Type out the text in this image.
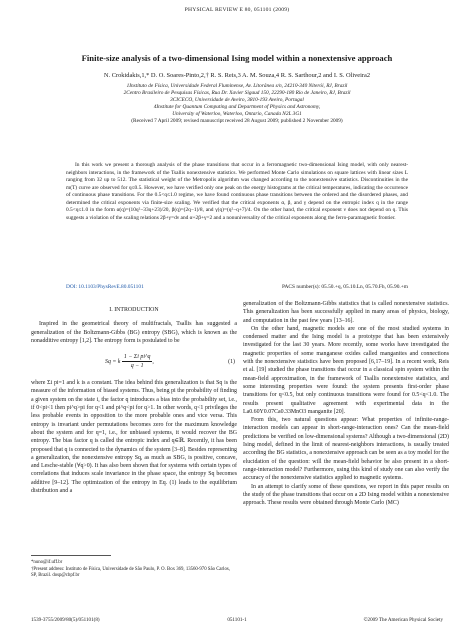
PHYSICAL REVIEW E 80, 051101 (2009)
Finite-size analysis of a two-dimensional Ising model within a nonextensive approach
N. Crokidakis,1,* D. O. Soares-Pinto,2,† R. S. Reis,3 A. M. Souza,4 R. S. Sarthour,2 and I. S. Oliveira2
1Instituto de Física, Universidade Federal Fluminense, Av. Litorânea s/n, 24210-340 Niterói, RJ, Brazil
2Centro Brasileiro de Pesquisas Físicas, Rua Dr. Xavier Sigaud 150, 22290-180 Rio de Janeiro, RJ, Brazil
3CICECO, Universidade de Aveiro, 3810-193 Aveiro, Portugal
4Institute for Quantum Computing and Department of Physics and Astronomy,
University of Waterloo, Waterloo, Ontario, Canada N2L 3G1
(Received 7 April 2009; revised manuscript received 28 August 2009; published 2 November 2009)
In this work we present a thorough analysis of the phase transitions that occur in a ferromagnetic two-dimensional Ising model, with only nearest-neighbors interactions, in the framework of the Tsallis nonextensive statistics. We performed Monte Carlo simulations on square lattices with linear sizes L ranging from 32 up to 512. The statistical weight of the Metropolis algorithm was changed according to the nonextensive statistics. Discontinuities in the m(T) curve are observed for q≤0.5. However, we have verified only one peak on the energy histograms at the critical temperatures, indicating the occurrence of continuous phase transitions. For the 0.5<q≤1.0 regime, we have found continuous phase transitions between the ordered and the disordered phases, and determined the critical exponents via finite-size scaling. We verified that the critical exponents α, β, and γ depend on the entropic index q in the range 0.5<q≤1.0 in the form α(q)=(10q²−33q+23)/20, β(q)=(2q−1)/8, and γ(q)=(q²−q+7)/4. On the other hand, the critical exponent ν does not depend on q. This suggests a violation of the scaling relations 2β+γ=dν and α+2β+γ=2 and a nonuniversality of the critical exponents along the ferro-paramagnetic frontier.
DOI: 10.1103/PhysRevE.80.051101	PACS number(s): 05.50.+q, 05.10.Ln, 05.70.Fh, 05.90.+m
I. INTRODUCTION

Inspired in the geometrical theory of multifractals, Tsallis has suggested a generalization of the Boltzmann-Gibbs (BG) entropy (SBG), which is known as the nonadditive entropy [1,2]. The entropy form is postulated to be

Sq = k $\frac{\text{1 − Σi pi\textasciicircum{}q}}{q - 1}$ ,	(1)

where Σi pi=1 and k is a constant. The idea behind this generalization is that Sq is the measure of the information of biased systems. Thus, being pi the probability of finding a given system on the state i, the factor q introduces a bias into the probability set, i.e., if 0<pi<1 then pi^q>pi for q<1 and pi^q<pi for q>1. In other words, q<1 privileges the less probable events in opposition to the more probable ones and vice versa. This entropy is invariant under permutations becomes zero for the maximum knowledge about the system and for q=1, i.e., for unbiased systems, it would recover the BG entropy. The bias factor q is called the entropic index and q∈ℝ. Recently, it has been proposed that q is connected to the dynamics of the system [3–8]. Besides representing a generalization, the nonextensive entropy Sq, as much as SBG, is positive, concave, and Lesche-stable (∀q>0). It has also been shown that for systems with certain types of correlations that induces scale invariance in the phase space, the entropy Sq becomes additive [9–12]. The optimization of the entropy in Eq. (1) leads to the equilibrium distribution and a

generalization of the Boltzmann-Gibbs statistics that is called nonextensive statistics. This generalization has been successfully applied in many areas of physics, biology, and computation in the past few years [13–16].

On the other hand, magnetic models are one of the most studied systems in condensed matter and the Ising model is a prototype that has been extensively investigated for the last 30 years. More recently, some works have investigated the magnetic properties of some manganese oxides called manganites and connections with the nonextensive statistics have been proposed [6,17–19]. In a recent work, Reis et al. [19] studied the phase transitions that occur in a classical spin system within the mean-field approximation, in the framework of Tsallis nonextensive statistics, and some interesting properties were found: the system presents first-order phase transitions for q<0.5, but only continuous transitions were found for 0.5<q<1.0. The results present qualitative agreement with experimental data in the La0.60Y0.07Ca0.33MnO3 manganite [20].

From this, two natural questions appear: What properties of infinite-range-interaction models can appear in short-range-interaction ones? Can the mean-field predictions be verified on low-dimensional systems? Although a two-dimensional (2D) Ising model, defined in the limit of nearest-neighbors interactions, is usually treated according the BG statistics, a nonextensive approach can be seen as a toy model for the elucidation of the question: will the mean-field behavior be also present in a short-range-interaction model? Furthermore, using this kind of study one can also verify the accuracy of the nonextensive statistics applied to magnetic systems.

In an attempt to clarify some of these questions, we report in this paper results on the study of the phase transitions that occur on a 2D Ising model within a nonextensive approach. These results were obtained through Monte Carlo (MC)

*nuno@if.uff.br
†Present address: Instituto de Física, Universidade de São Paulo, P. O. Box 369, 13560-970 São Carlos, SP, Brazil. dosp@cbpf.br
1539-3755/2009/80(5)/051101(8)	051101-1	©2009 The American Physical Society
